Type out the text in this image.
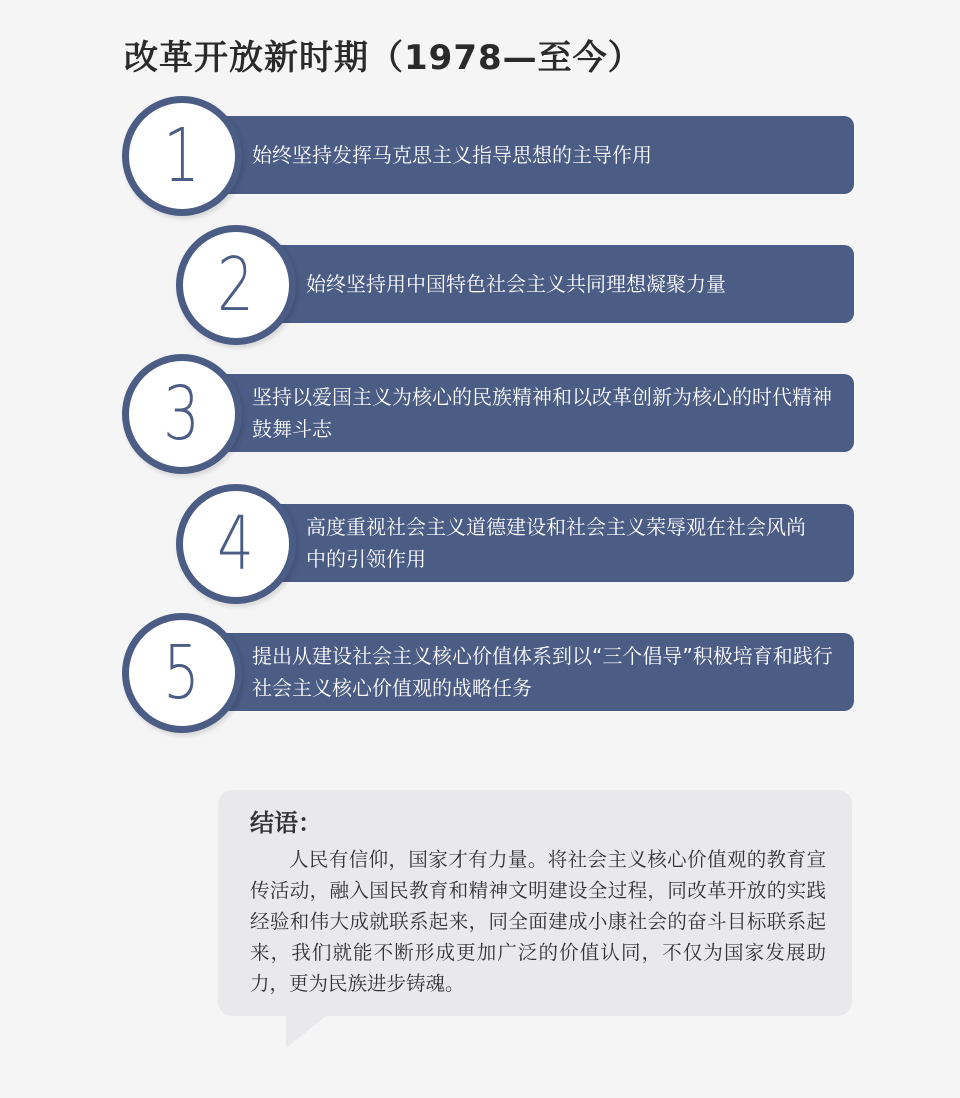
改革开放新时期（1978—至今）
始终坚持发挥马克思主义指导思想的主导作用
1
始终坚持用中国特色社会主义共同理想凝聚力量
2
坚持以爱国主义为核心的民族精神和以改革创新为核心的时代精神鼓舞斗志
3
高度重视社会主义道德建设和社会主义荣辱观在社会风尚中的引领作用
4
提出从建设社会主义核心价值体系到以“三个倡导”积极培育和践行社会主义核心价值观的战略任务
5
结语：
人民有信仰，国家才有力量。将社会主义核心价值观的教育宣传活动，融入国民教育和精神文明建设全过程，同改革开放的实践经验和伟大成就联系起来，同全面建成小康社会的奋斗目标联系起来，我们就能不断形成更加广泛的价值认同，不仅为国家发展助力，更为民族进步铸魂。
